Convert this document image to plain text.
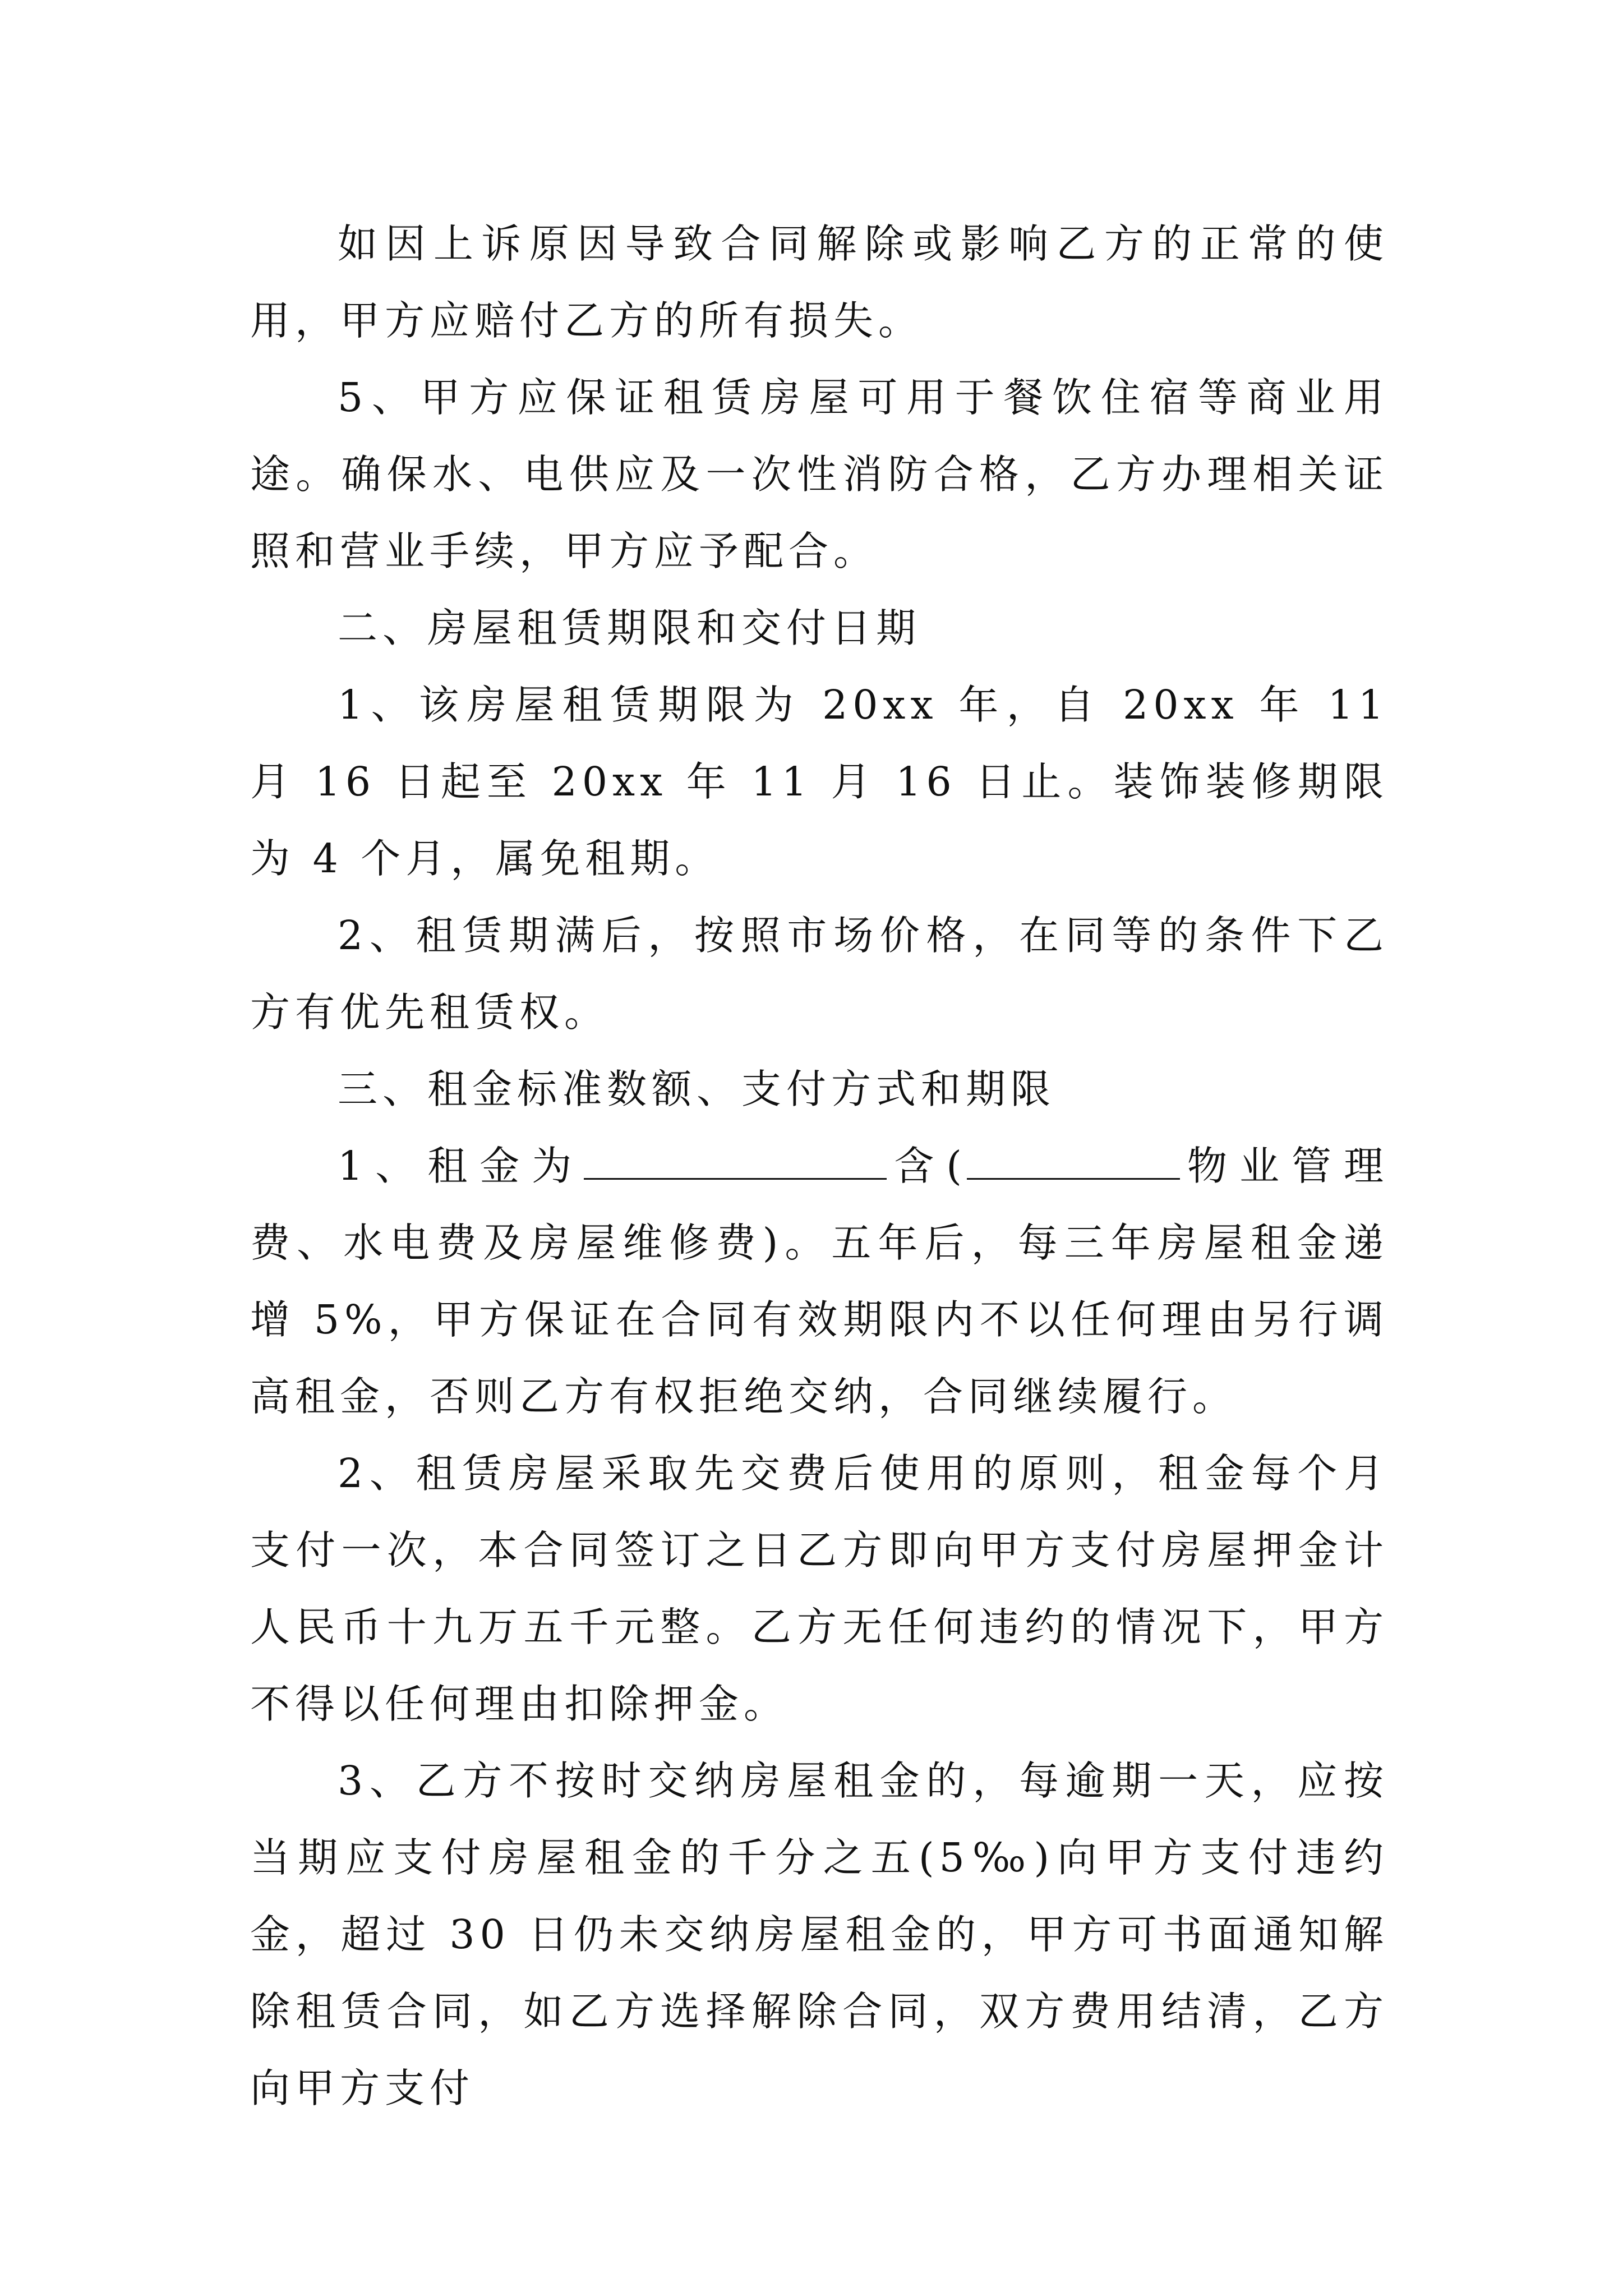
如因上诉原因导致合同解除或影响乙方的正常的使用，甲方应赔付乙方的所有损失。

5、甲方应保证租赁房屋可用于餐饮住宿等商业用途。确保水、电供应及一次性消防合格，乙方办理相关证照和营业手续，甲方应予配合。

二、房屋租赁期限和交付日期

1、该房屋租赁期限为 20xx 年，自 20xx 年 11 月 16 日起至 20xx 年 11 月 16 日止。装饰装修期限为 4 个月，属免租期。

2、租赁期满后，按照市场价格，在同等的条件下乙方有优先租赁权。

三、租金标准数额、支付方式和期限

1、租金为	含(	物业管理费、水电费及房屋维修费)。五年后，每三年房屋租金递增 5%，甲方保证在合同有效期限内不以任何理由另行调高租金，否则乙方有权拒绝交纳，合同继续履行。

2、租赁房屋采取先交费后使用的原则，租金每个月支付一次，本合同签订之日乙方即向甲方支付房屋押金计人民币十九万五千元整。乙方无任何违约的情况下，甲方不得以任何理由扣除押金。

3、乙方不按时交纳房屋租金的，每逾期一天，应按当期应支付房屋租金的千分之五(5‰)向甲方支付违约金，超过 30 日仍未交纳房屋租金的，甲方可书面通知解除租赁合同，如乙方选择解除合同，双方费用结清，乙方向甲方支付
